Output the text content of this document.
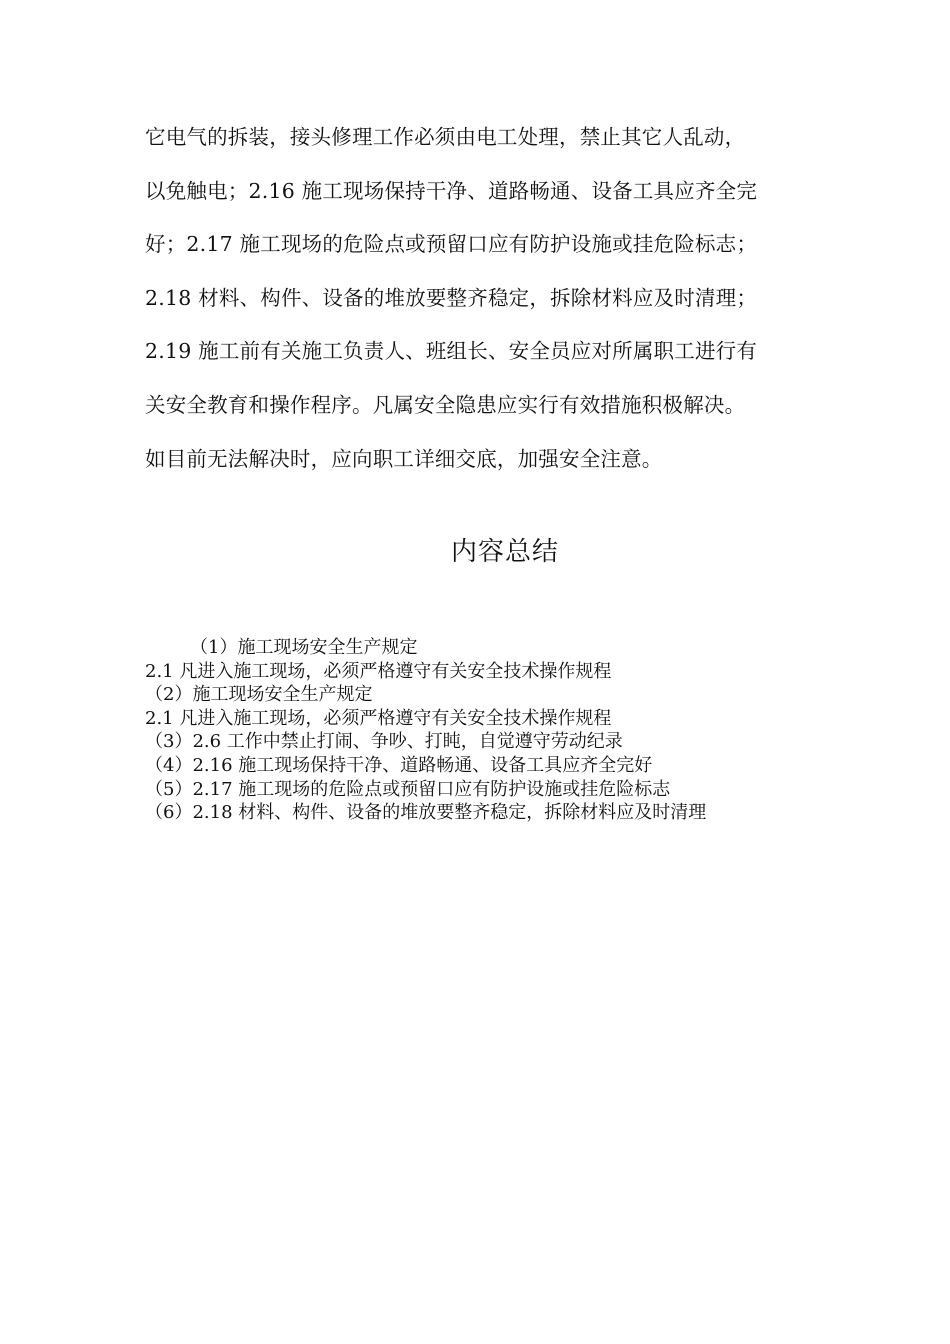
它电气的拆装，接头修理工作必须由电工处理，禁止其它人乱动，

以免触电；2.16 施工现场保持干净、道路畅通、设备工具应齐全完

好；2.17 施工现场的危险点或预留口应有防护设施或挂危险标志；

2.18 材料、构件、设备的堆放要整齐稳定，拆除材料应及时清理；

2.19 施工前有关施工负责人、班组长、安全员应对所属职工进行有

关安全教育和操作程序。凡属安全隐患应实行有效措施积极解决。

如目前无法解决时，应向职工详细交底，加强安全注意。

内容总结
（1）施工现场安全生产规定
2.1 凡进入施工现场，必须严格遵守有关安全技术操作规程
（2）施工现场安全生产规定
2.1 凡进入施工现场，必须严格遵守有关安全技术操作规程
（3）2.6 工作中禁止打闹、争吵、打盹，自觉遵守劳动纪录
（4）2.16 施工现场保持干净、道路畅通、设备工具应齐全完好
（5）2.17 施工现场的危险点或预留口应有防护设施或挂危险标志
（6）2.18 材料、构件、设备的堆放要整齐稳定，拆除材料应及时清理
